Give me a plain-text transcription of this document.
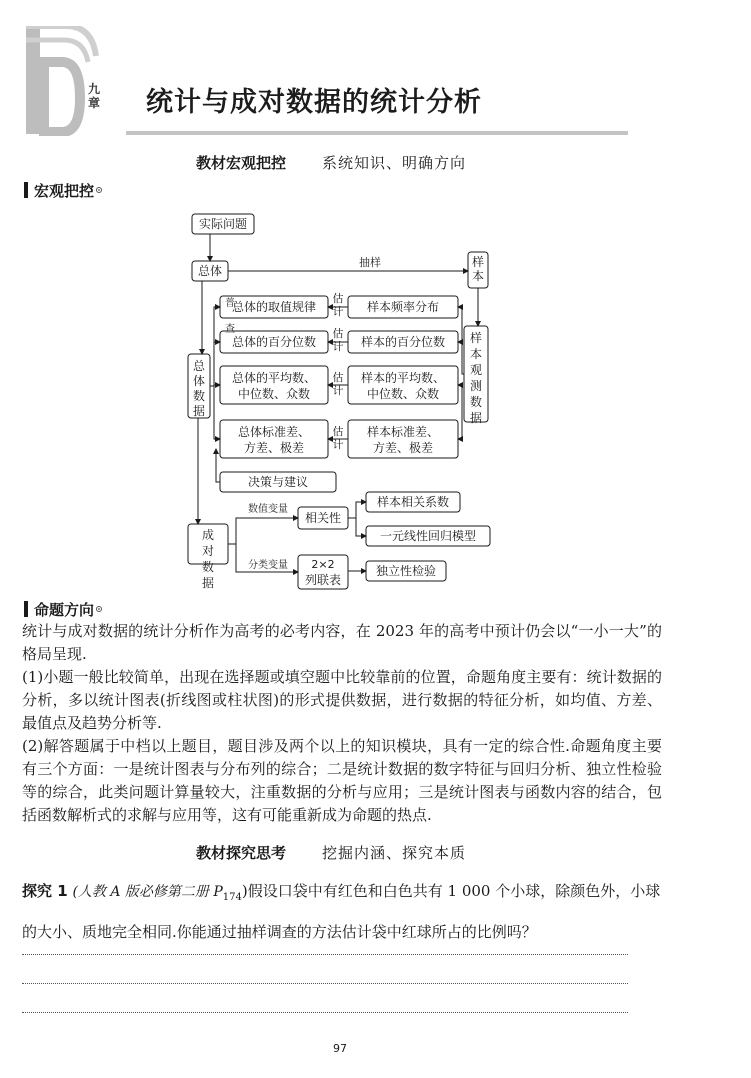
九章 统计与成对数据的统计分析
教材宏观把控 系统知识、明确方向
宏观把控
实际问题
总体
抽样
普
查
总体的取值规律	样本频率分布
总体的百分位数	样本的百分位数
总体的平均数、
中位数、众数
样本的平均数、
中位数、众数
总体标准差、
方差、极差
样本标准差、
方差、极差
决策与建议
相关性
样本相关系数
一元线性回归模型
2×2
列联表
独立性检验
数值变量
分类变量
样本
总体数据
样本观测数据
成对数据
估计
估计
估计
估计
命题方向
统计与成对数据的统计分析作为高考的必考内容，在 2023 年的高考中预计仍会以“一小一大”的格局呈现.
(1)小题一般比较简单，出现在选择题或填空题中比较靠前的位置，命题角度主要有：统计数据的分析，多以统计图表(折线图或柱状图)的形式提供数据，进行数据的特征分析，如均值、方差、最值点及趋势分析等.
(2)解答题属于中档以上题目，题目涉及两个以上的知识模块，具有一定的综合性.命题角度主要有三个方面：一是统计图表与分布列的综合；二是统计数据的数字特征与回归分析、独立性检验等的综合，此类问题计算量较大，注重数据的分析与应用；三是统计图表与函数内容的结合，包括函数解析式的求解与应用等，这有可能重新成为命题的热点.
教材探究思考 挖掘内涵、探究本质
探究 1 (人教 A 版必修第二册 $P_{174}$)假设口袋中有红色和白色共有 1 000 个小球，除颜色外，小球的大小、质地完全相同.你能通过抽样调查的方法估计袋中红球所占的比例吗？
97
